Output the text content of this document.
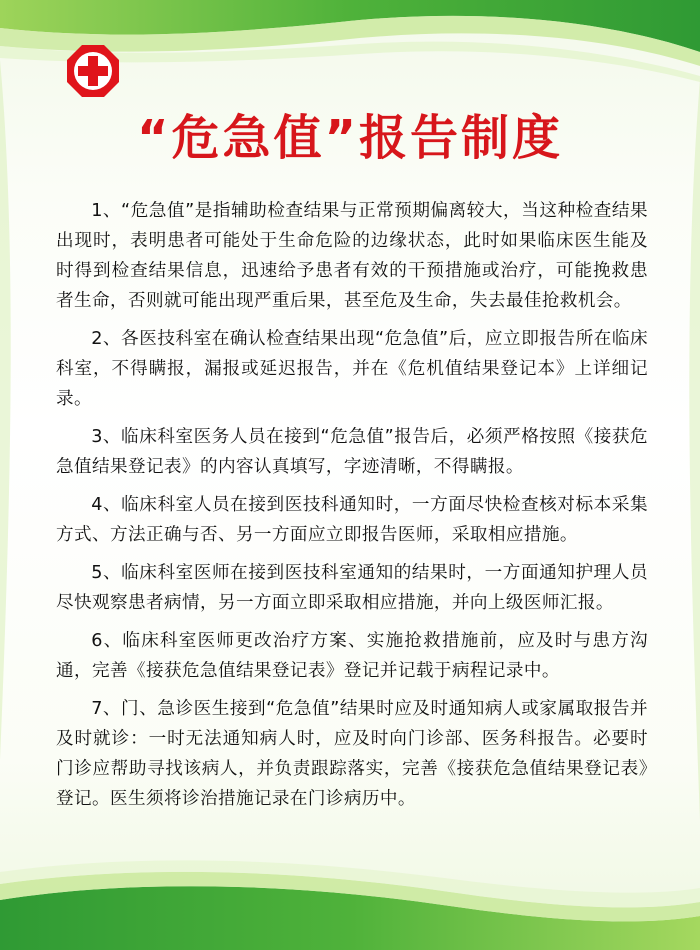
“危急值”报告制度

1、“危急值”是指辅助检查结果与正常预期偏离较大，当这种检查结果出现时，表明患者可能处于生命危险的边缘状态，此时如果临床医生能及时得到检查结果信息，迅速给予患者有效的干预措施或治疗，可能挽救患者生命，否则就可能出现严重后果，甚至危及生命，失去最佳抢救机会。

2、各医技科室在确认检查结果出现“危急值”后，应立即报告所在临床科室，不得瞒报，漏报或延迟报告，并在《危机值结果登记本》上详细记录。

3、临床科室医务人员在接到“危急值”报告后，必须严格按照《接获危急值结果登记表》的内容认真填写，字迹清晰，不得瞒报。

4、临床科室人员在接到医技科通知时，一方面尽快检查核对标本采集方式、方法正确与否、另一方面应立即报告医师，采取相应措施。

5、临床科室医师在接到医技科室通知的结果时，一方面通知护理人员尽快观察患者病情，另一方面立即采取相应措施，并向上级医师汇报。

6、临床科室医师更改治疗方案、实施抢救措施前，应及时与患方沟通，完善《接获危急值结果登记表》登记并记载于病程记录中。

7、门、急诊医生接到“危急值”结果时应及时通知病人或家属取报告并及时就诊：一时无法通知病人时，应及时向门诊部、医务科报告。必要时门诊应帮助寻找该病人，并负责跟踪落实，完善《接获危急值结果登记表》登记。医生须将诊治措施记录在门诊病历中。
